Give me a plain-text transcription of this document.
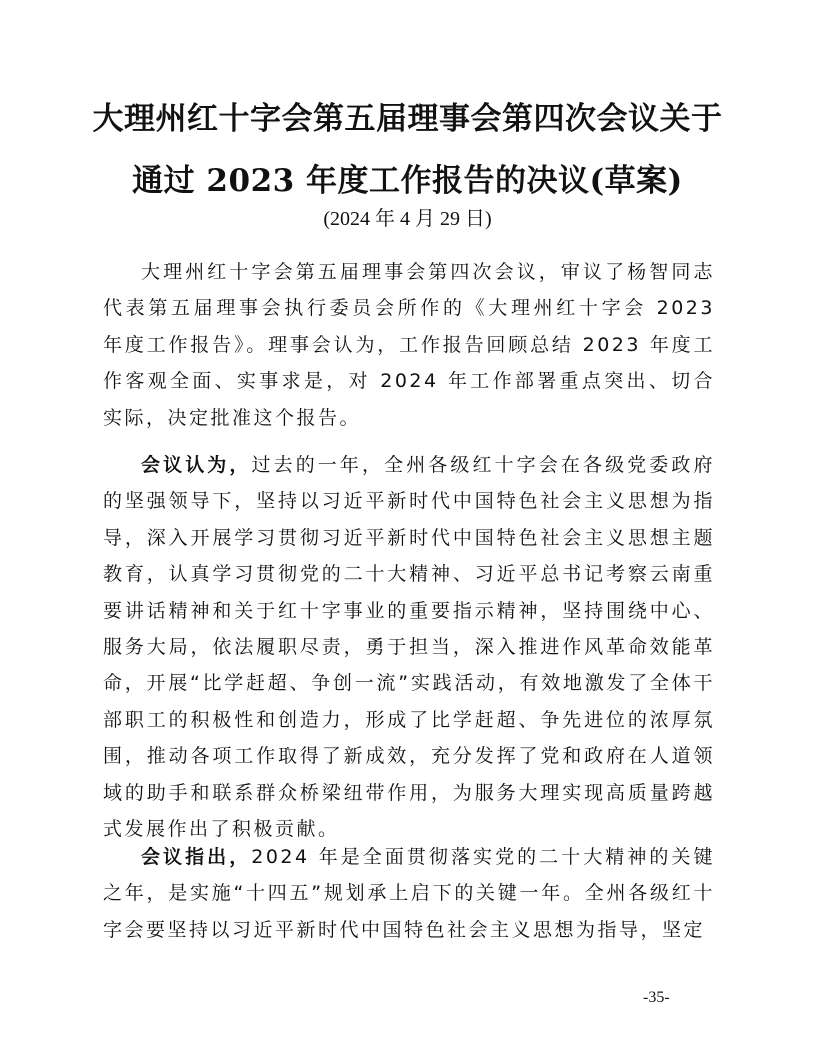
大理州红十字会第五届理事会第四次会议关于
通过 2023 年度工作报告的决议(草案)
(2024 年 4 月 29 日)

大理州红十字会第五届理事会第四次会议，审议了杨智同志代表第五届理事会执行委员会所作的《大理州红十字会 2023 年度工作报告》。理事会认为，工作报告回顾总结 2023 年度工作客观全面、实事求是，对 2024 年工作部署重点突出、切合实际，决定批准这个报告。

会议认为，过去的一年，全州各级红十字会在各级党委政府的坚强领导下，坚持以习近平新时代中国特色社会主义思想为指导，深入开展学习贯彻习近平新时代中国特色社会主义思想主题教育，认真学习贯彻党的二十大精神、习近平总书记考察云南重要讲话精神和关于红十字事业的重要指示精神，坚持围绕中心、服务大局，依法履职尽责，勇于担当，深入推进作风革命效能革命，开展“比学赶超、争创一流”实践活动，有效地激发了全体干部职工的积极性和创造力，形成了比学赶超、争先进位的浓厚氛围，推动各项工作取得了新成效，充分发挥了党和政府在人道领域的助手和联系群众桥梁纽带作用，为服务大理实现高质量跨越式发展作出了积极贡献。

会议指出，2024 年是全面贯彻落实党的二十大精神的关键之年，是实施“十四五”规划承上启下的关键一年。全州各级红十字会要坚持以习近平新时代中国特色社会主义思想为指导，坚定

-35-
